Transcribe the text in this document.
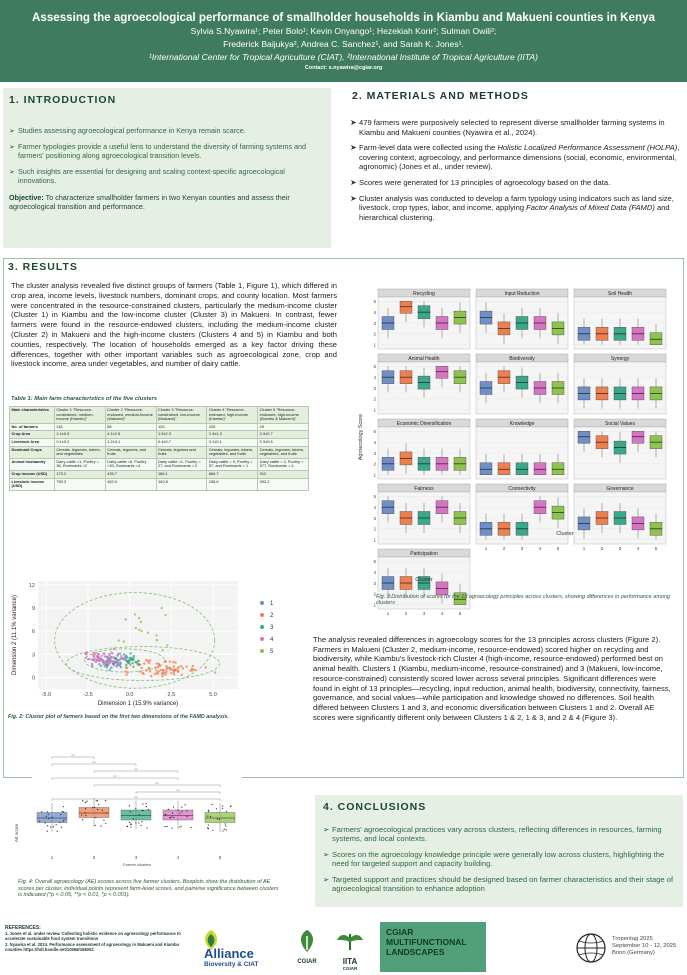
Assessing the agroecological performance of smallholder households in Kiambu and Makueni counties in Kenya
Sylvia S.Nyawira¹; Peter Bolo¹; Kevin Onyango¹; Hezekiah Korir²; Sulman Owili²;
Frederick Baijukya², Andrea C. Sanchez¹, and Sarah K. Jones¹.
¹International Center for Tropical Agriculture (CIAT), ²International Institute of Tropical Agriculture (IITA)
Contact: s.nyawira@cgiar.org
1. INTRODUCTION
➢ Studies assessing agroecological performance in Kenya remain scarce.
➢ Farmer typologies provide a useful lens to understand the diversity of farming systems and farmers' positioning along agroecological transition levels.
➢ Such insights are essential for designing and scaling context-specific agroecological innovations.
Objective: To characterize smallholder farmers in two Kenyan counties and assess their agroecological transition and performance.
2. MATERIALS AND METHODS
➤ 479 farmers were purposively selected to represent diverse smallholder farming systems in Kiambu and Makueni counties (Nyawira et al., 2024).
➤ Farm-level data were collected using the Holistic Localized Performance Assessment (HOLPA), covering context, agroecology, and performance dimensions (social, economic, environmental, agronomic) (Jones et al., under review).
➤ Scores were generated for 13 principles of agroecology based on the data.
➤ Cluster analysis was conducted to develop a farm typology using indicators such as land size, livestock, crop types, labor, and income, applying Factor Analysis of Mixed Data (FAMD) and hierarchical clustering.
3. RESULTS
The cluster analysis revealed five distinct groups of farmers (Table 1, Figure 1), which differed in crop area, income levels, livestock numbers, dominant crops, and county location. Most farmers were concentrated in the resource-constrained clusters, particularly the medium-income cluster (Cluster 1) in Kiambu and the low-income cluster (Cluster 3) in Makueni. In contrast, fewer farmers were found in the resource-endowed clusters, including the medium-income cluster (Cluster 2) in Makueni and the high-income clusters (Clusters 4 and 5) in Kiambu and both counties, respectively. The location of households emerged as a key factor driving these differences, together with other important variables such as agroecological zone, crop and livestock income, area under vegetables, and number of dairy cattle.
Table 1: Main farm characteristics of the five clusters
Main characteristics	Cluster 1 "Resource-constrained, medium-income (Kiambu)"	Cluster 2 "Resource-endowed, medium-income (Makueni)"	Cluster 3 "Resource-constrained, low-income (Makueni)"	Cluster 4 "Resource-endowed, high-income (Kiambu)"	Cluster 5 "Resource-endowed, high-income (Kiambu & Makueni)"
No. of farmers	118	88	125	109	29
Crop Area	1.1±0.9	4.1±2.5	1.9±2.3	1.3±1.3	3.3±2.7
Livestock Area	0.1±0.2	1.2±3.1	0.4±0.7	0.1±0.1	0.3±0.6
Dominant Crops	Cereals, legumes, tubers, and vegetables	Cereals, legumes, and fruits	Cereals, legumes and fruits	Cereals, legumes, tubers, vegetables, and fruits	Cereals, legumes, tubers, vegetables, and fruits
Animal husbandry	Dairy cattle =1, Poultry = 36, Ruminants =2	Dairy cattle =6, Poultry =53, Ruminants =4	Dairy cattle =1, Poultry = 27, and Ruminants = 2	Dairy cattle = 9, Poultry = 57, and Ruminants = 1	Dairy cattle = 3, Poultry = 577, Ruminants = 4
Crop income (USD)	173.2	439.7	165.1	684.7	312
Livestock income (USD)	759.3	462.0	100.8	236.6	392.2
-5.0	-2.5	0.0	2.5	5.0
0
3
6
9
12
Dimension 1 (15.9% variance)
Dimension 2 (11.1% variance)	1
2
3
4
5
Fig. 2: Cluster plot of farmers based on the first two dimensions of the FAMD analysis.
Agroecology Score
Recycling
1
2
3
4
5
Input Reduction	Soil Health
Animal Health
1
2
3
4
5
Biodiversity	Synergy
Economic Diversification
1
2
3
4
5
Knowledge	Social Values
Fairness
1
2
3
4
5
Connectivity
1	2	3	4	5
Governance
1	2	3	4	5
Participation
1
2
3
4
5
1	2	3	4	5
Cluster
Cluster
Fig. 3:Distribution of scores for the 13 agroecology principles across clusters, showing differences in performance among clusters
The analysis revealed differences in agroecology scores for the 13 principles across clusters (Figure 2). Farmers in Makueni (Cluster 2, medium-income, resource-endowed) scored higher on recycling and biodiversity, while Kiambu's livestock-rich Cluster 4 (high-income, resource-endowed) performed best on animal health. Clusters 1 (Kiambu, medium-income, resource-constrained) and 3 (Makueni, low-income, resource-constrained) consistently scored lower across several principles. Significant differences were found in eight of 13 principles—recycling, input reduction, animal health, biodiversity, connectivity, fairness, governance, and social values—while participation and knowledge showed no differences. Soil health differed between Clusters 1 and 3, and economic diversification between Clusters 1 and 2. Overall AE scores were significantly different only between Clusters 1 & 2, 1 & 3, and 2 & 4 (Figure 3).
AE score
ns
ns
ns
ns
ns
ns
ns
1	2	3	4	5
Farmer clusters
Fig. 4: Overall agroecology (AE) scores across five farmer clusters. Boxplots show the distribution of AE scores per cluster, individual points represent farm-level scores, and pairwise significance between clusters is indicated (*p < 0.05, **p < 0.01, *p < 0.001).
4. CONCLUSIONS
➢ Farmers' agroecological practices vary across clusters, reflecting differences in resources, farming systems, and local contexts.
➢ Scores on the agroecology knowledge principle were generally low across clusters, highlighting the need for targeted support and capacity building.
➢ Targeted support and practices should be designed based on farmer characteristics and their stage of agroecological transition to enhance adoption
REFERENCES:
1. Jones et al. under review. Collecting holistic evidence on agroecology performance to accelerate sustainable food system transitions
2. Nyawira et al. 2024. Performance assessment of agroecology in Makueni and Kiambu counties https://hdl.handle.net/10568/168052	Alliance
Bioversity & CIAT	CGIAR	IITA
CGIAR
CGIAR
MULTIFUNCTIONAL
LANDSCAPES
Tropentag 2025
September 10 - 12, 2025
Bonn (Germany)
